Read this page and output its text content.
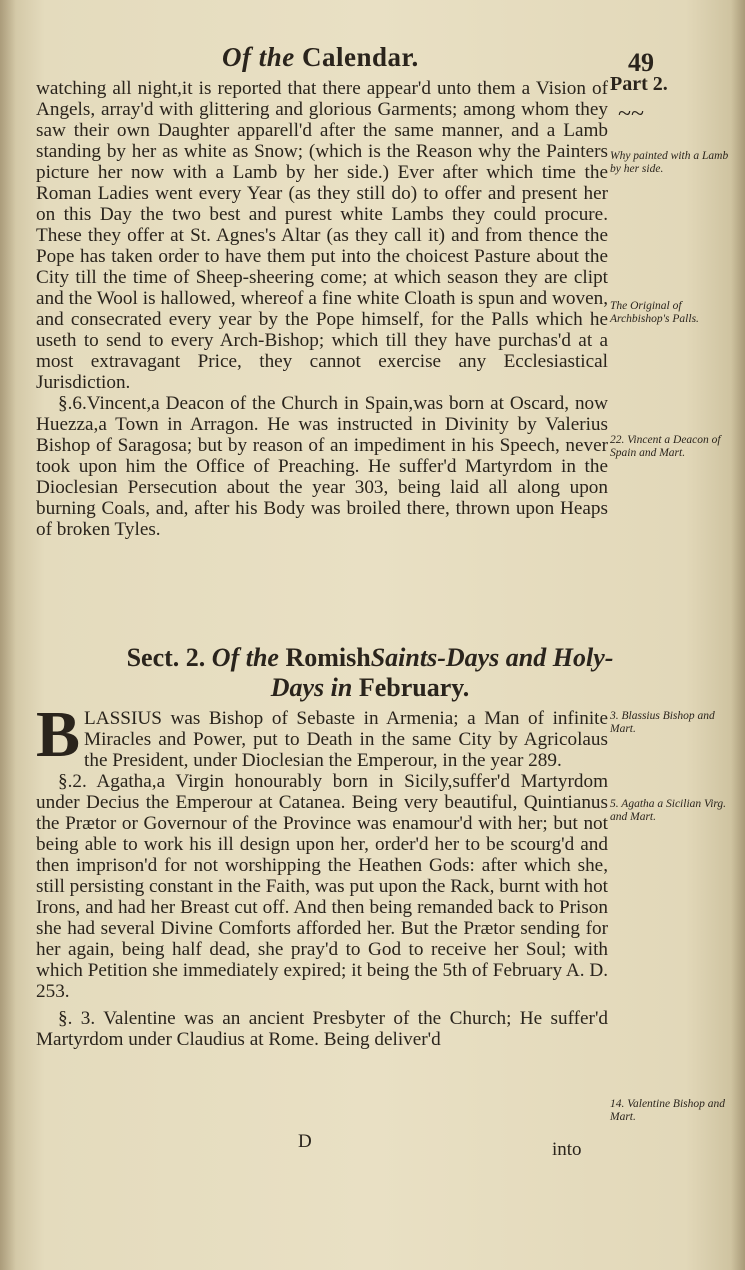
Of the Calendar.	49

watching all night,it is reported that there appear'd unto them a Vision of Angels, array'd with glittering and glorious Garments; among whom they saw their own Daughter apparell'd after the same manner, and a Lamb standing by her as white as Snow; (which is the Reason why the Painters picture her now with a Lamb by her side.) Ever after which time the Roman Ladies went every Year (as they still do) to offer and present her on this Day the two best and purest white Lambs they could procure. These they offer at St. Agnes's Altar (as they call it) and from thence the Pope has taken order to have them put into the choicest Pasture about the City till the time of Sheep-sheering come; at which season they are clipt and the Wool is hallowed, whereof a fine white Cloath is spun and woven, and consecrated every year by the Pope himself, for the Palls which he useth to send to every Arch-Bishop; which till they have purchas'd at a most extravagant Price, they cannot exercise any Ecclesiastical Jurisdiction.

§.6.Vincent,a Deacon of the Church in Spain,was born at Oscard, now Huezza,a Town in Arragon. He was instructed in Divinity by Valerius Bishop of Saragosa; but by reason of an impediment in his Speech, never took upon him the Office of Preaching. He suffer'd Martyrdom in the Dioclesian Persecution about the year 303, being laid all along upon burning Coals, and, after his Body was broiled there, thrown upon Heaps of broken Tyles.

Part 2.
~~
Why painted with a Lamb by her side.
The Original of Archbishop's Palls.
22. Vincent a Deacon of Spain and Mart.
3. Blassius Bishop and Mart.
5. Agatha a Sicilian Virg. and Mart.
14. Valentine Bishop and Mart.
Sect. 2. Of the RomishSaints-Days and Holy-Days in February.

B LASSIUS was Bishop of Sebaste in Armenia; a Man of infinite Miracles and Power, put to Death in the same City by Agricolaus the President, under Dioclesian the Emperour, in the year 289.

§.2. Agatha,a Virgin honourably born in Sicily,suffer'd Martyrdom under Decius the Emperour at Catanea. Being very beautiful, Quintianus the Prætor or Governour of the Province was enamour'd with her; but not being able to work his ill design upon her, order'd her to be scourg'd and then imprison'd for not worshipping the Heathen Gods: after which she, still persisting constant in the Faith, was put upon the Rack, burnt with hot Irons, and had her Breast cut off. And then being remanded back to Prison she had several Divine Comforts afforded her. But the Prætor sending for her again, being half dead, she pray'd to God to receive her Soul; with which Petition she immediately expired; it being the 5th of February A. D. 253.

§. 3. Valentine was an ancient Presbyter of the Church; He suffer'd Martyrdom under Claudius at Rome. Being deliver'd

D	into
